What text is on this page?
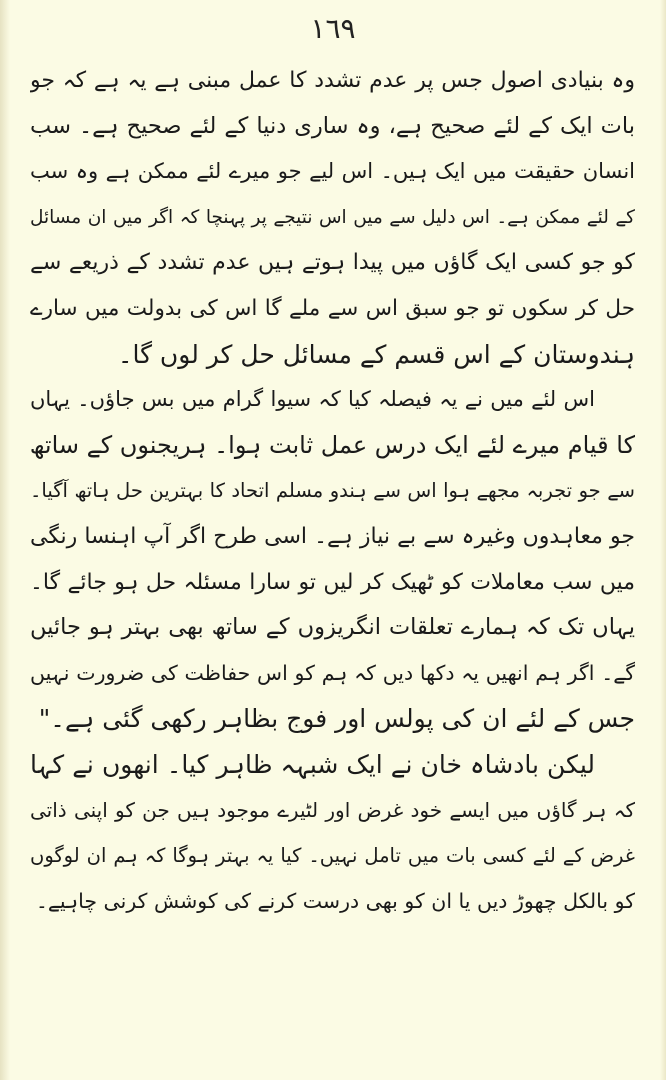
١٦٩
وہ بنیادی اصول جس پر عدم تشدد کا عمل مبنی ہے یہ ہے کہ جو
بات ایک کے لئے صحیح ہے، وہ ساری دنیا کے لئے صحیح ہے۔ سب
انسان حقیقت میں ایک ہیں۔ اس لیے جو میرے لئے ممکن ہے وہ سب
کے لئے ممکن ہے۔ اس دلیل سے میں اس نتیجے پر پہنچا کہ اگر میں ان مسائل
کو جو کسی ایک گاؤں میں پیدا ہوتے ہیں عدم تشدد کے ذریعے سے
حل کر سکوں تو جو سبق اس سے ملے گا اس کی بدولت میں سارے
ہندوستان کے اس قسم کے مسائل حل کر لوں گا۔
اس لئے میں نے یہ فیصلہ کیا کہ سیوا گرام میں بس جاؤں۔ یہاں
کا قیام میرے لئے ایک درس عمل ثابت ہوا۔ ہریجنوں کے ساتھ
سے جو تجربہ مجھے ہوا اس سے ہندو مسلم اتحاد کا بہترین حل ہاتھ آگیا۔
جو معاہدوں وغیرہ سے بے نیاز ہے۔ اسی طرح اگر آپ اہنسا رنگی
میں سب معاملات کو ٹھیک کر لیں تو سارا مسئلہ حل ہو جائے گا۔
یہاں تک کہ ہمارے تعلقات انگریزوں کے ساتھ بھی بہتر ہو جائیں
گے۔ اگر ہم انھیں یہ دکھا دیں کہ ہم کو اس حفاظت کی ضرورت نہیں
جس کے لئے ان کی پولس اور فوج بظاہر رکھی گئی ہے۔"
لیکن بادشاہ خان نے ایک شبہہ ظاہر کیا۔ انھوں نے کہا
کہ ہر گاؤں میں ایسے خود غرض اور لٹیرے موجود ہیں جن کو اپنی ذاتی
غرض کے لئے کسی بات میں تامل نہیں۔ کیا یہ بہتر ہوگا کہ ہم ان لوگوں
کو بالکل چھوڑ دیں یا ان کو بھی درست کرنے کی کوشش کرنی چاہیے۔
